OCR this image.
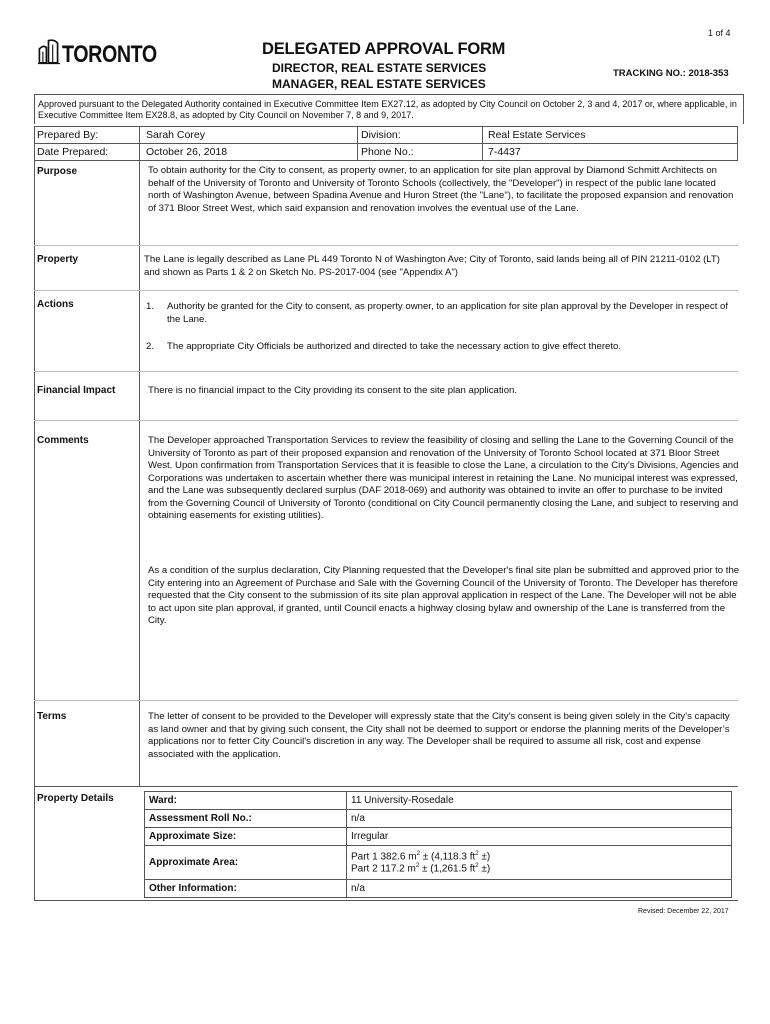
1 of 4
TORONTO	DELEGATED APPROVAL FORM
DIRECTOR, REAL ESTATE SERVICES
MANAGER, REAL ESTATE SERVICES
TRACKING NO.: 2018-353
Approved pursuant to the Delegated Authority contained in Executive Committee Item EX27.12, as adopted by City Council on October 2, 3 and 4, 2017 or, where applicable, in Executive Committee Item EX28.8, as adopted by City Council on November 7, 8 and 9, 2017.
Prepared By:	Sarah Corey	Division:	Real Estate Services
Date Prepared:	October 26, 2018	Phone No.:	7-4437
Purpose	To obtain authority for the City to consent, as property owner, to an application for site plan approval by Diamond Schmitt Architects on behalf of the University of Toronto and University of Toronto Schools (collectively, the "Developer") in respect of the public lane located north of Washington Avenue, between Spadina Avenue and Huron Street (the "Lane"), to facilitate the proposed expansion and renovation of 371 Bloor Street West, which said expansion and renovation involves the eventual use of the Lane.
Property	The Lane is legally described as Lane PL 449 Toronto N of Washington Ave; City of Toronto, said lands being all of PIN 21211-0102 (LT) and shown as Parts 1 & 2 on Sketch No. PS-2017-004 (see "Appendix A")
Actions	1. Authority be granted for the City to consent, as property owner, to an application for site plan approval by the Developer in respect of the Lane.
2. The appropriate City Officials be authorized and directed to take the necessary action to give effect thereto.
Financial Impact	There is no financial impact to the City providing its consent to the site plan application.
Comments	The Developer approached Transportation Services to review the feasibility of closing and selling the Lane to the Governing Council of the University of Toronto as part of their proposed expansion and renovation of the University of Toronto School located at 371 Bloor Street West. Upon confirmation from Transportation Services that it is feasible to close the Lane, a circulation to the City’s Divisions, Agencies and Corporations was undertaken to ascertain whether there was municipal interest in retaining the Lane. No municipal interest was expressed, and the Lane was subsequently declared surplus (DAF 2018-069) and authority was obtained to invite an offer to purchase to be invited from the Governing Council of University of Toronto (conditional on City Council permanently closing the Lane, and subject to reserving and obtaining easements for existing utilities).
As a condition of the surplus declaration, City Planning requested that the Developer's final site plan be submitted and approved prior to the City entering into an Agreement of Purchase and Sale with the Governing Council of the University of Toronto. The Developer has therefore requested that the City consent to the submission of its site plan approval application in respect of the Lane. The Developer will not be able to act upon site plan approval, if granted, until Council enacts a highway closing bylaw and ownership of the Lane is transferred from the City.
Terms	The letter of consent to be provided to the Developer will expressly state that the City's consent is being given solely in the City's capacity as land owner and that by giving such consent, the City shall not be deemed to support or endorse the planning merits of the Developer’s applications nor to fetter City Council's discretion in any way. The Developer shall be required to assume all risk, cost and expense associated with the application.
Property Details	Ward:	11 University-Rosedale
Assessment Roll No.:	n/a
Approximate Size:	Irregular
Approximate Area:	Part 1 382.6 $m^2 \pm (4,118.3$ $ft^2$ ±)
Part 2 117.2 $m^2 \pm (1,261.5$ $ft^2$ ±)

Other Information:	n/a
Revised: December 22, 2017
